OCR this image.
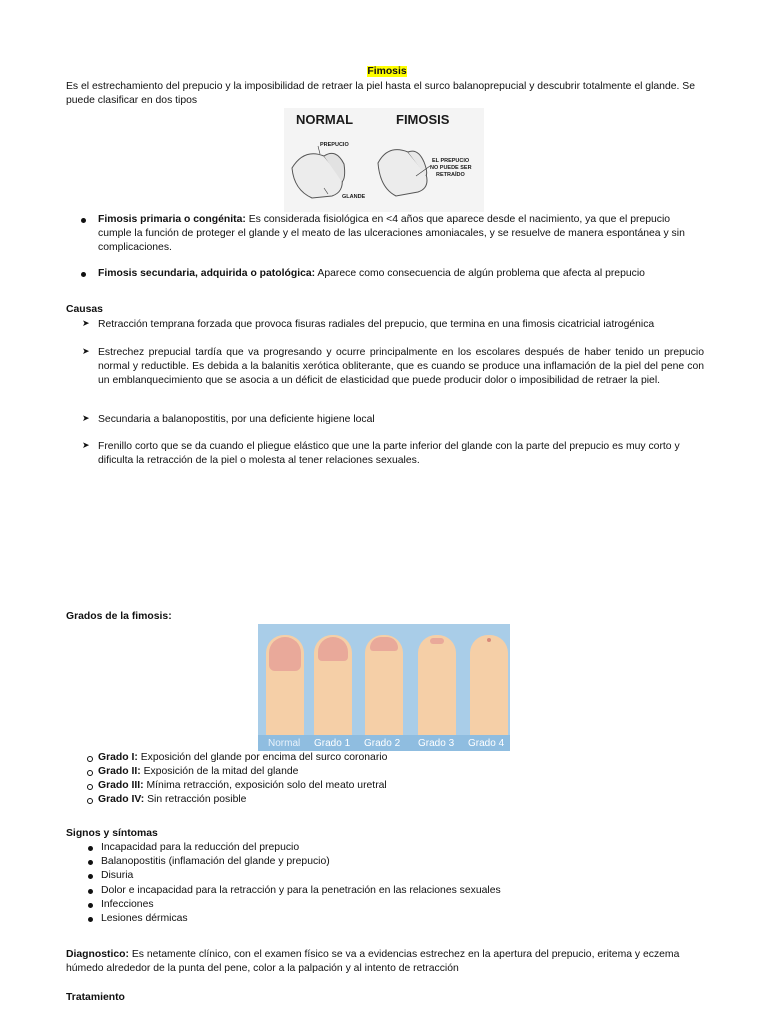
Fimosis

Es el estrechamiento del prepucio y la imposibilidad de retraer la piel hasta el surco balanoprepucial y descubrir totalmente el glande. Se puede clasificar en dos tipos

NORMAL	FIMOSIS
PREPUCIO
GLANDE
EL PREPUCIO
NO PUEDE SER
RETRAÍDO

Fimosis primaria o congénita: Es considerada fisiológica en <4 años que aparece desde el nacimiento, ya que el prepucio cumple la función de proteger el glande y el meato de las ulceraciones amoniacales, y se resuelve de manera espontánea y sin complicaciones.

Fimosis secundaria, adquirida o patológica: Aparece como consecuencia de algún problema que afecta al prepucio

Causas

➤ Retracción temprana forzada que provoca fisuras radiales del prepucio, que termina en una fimosis cicatricial iatrogénica

➤ Estrechez prepucial tardía que va progresando y ocurre principalmente en los escolares después de haber tenido un prepucio normal y reductible. Es debida a la balanitis xerótica obliterante, que es cuando se produce una inflamación de la piel del pene con un emblanquecimiento que se asocia a un déficit de elasticidad que puede producir dolor o imposibilidad de retraer la piel.

➤ Secundaria a balanopostitis, por una deficiente higiene local

➤ Frenillo corto que se da cuando el pliegue elástico que une la parte inferior del glande con la parte del prepucio es muy corto y dificulta la retracción de la piel o molesta al tener relaciones sexuales.

Grados de la fimosis:

Normal Grado 1 Grado 2 Grado 3 Grado 4

Grado I: Exposición del glande por encima del surco coronario

Grado II: Exposición de la mitad del glande

Grado III: Mínima retracción, exposición solo del meato uretral

Grado IV: Sin retracción posible

Signos y síntomas

Incapacidad para la reducción del prepucio

Balanopostitis (inflamación del glande y prepucio)

Disuria

Dolor e incapacidad para la retracción y para la penetración en las relaciones sexuales

Infecciones

Lesiones dérmicas

Diagnostico: Es netamente clínico, con el examen físico se va a evidencias estrechez en la apertura del prepucio, eritema y eczema húmedo alrededor de la punta del pene, color a la palpación y al intento de retracción

Tratamiento
